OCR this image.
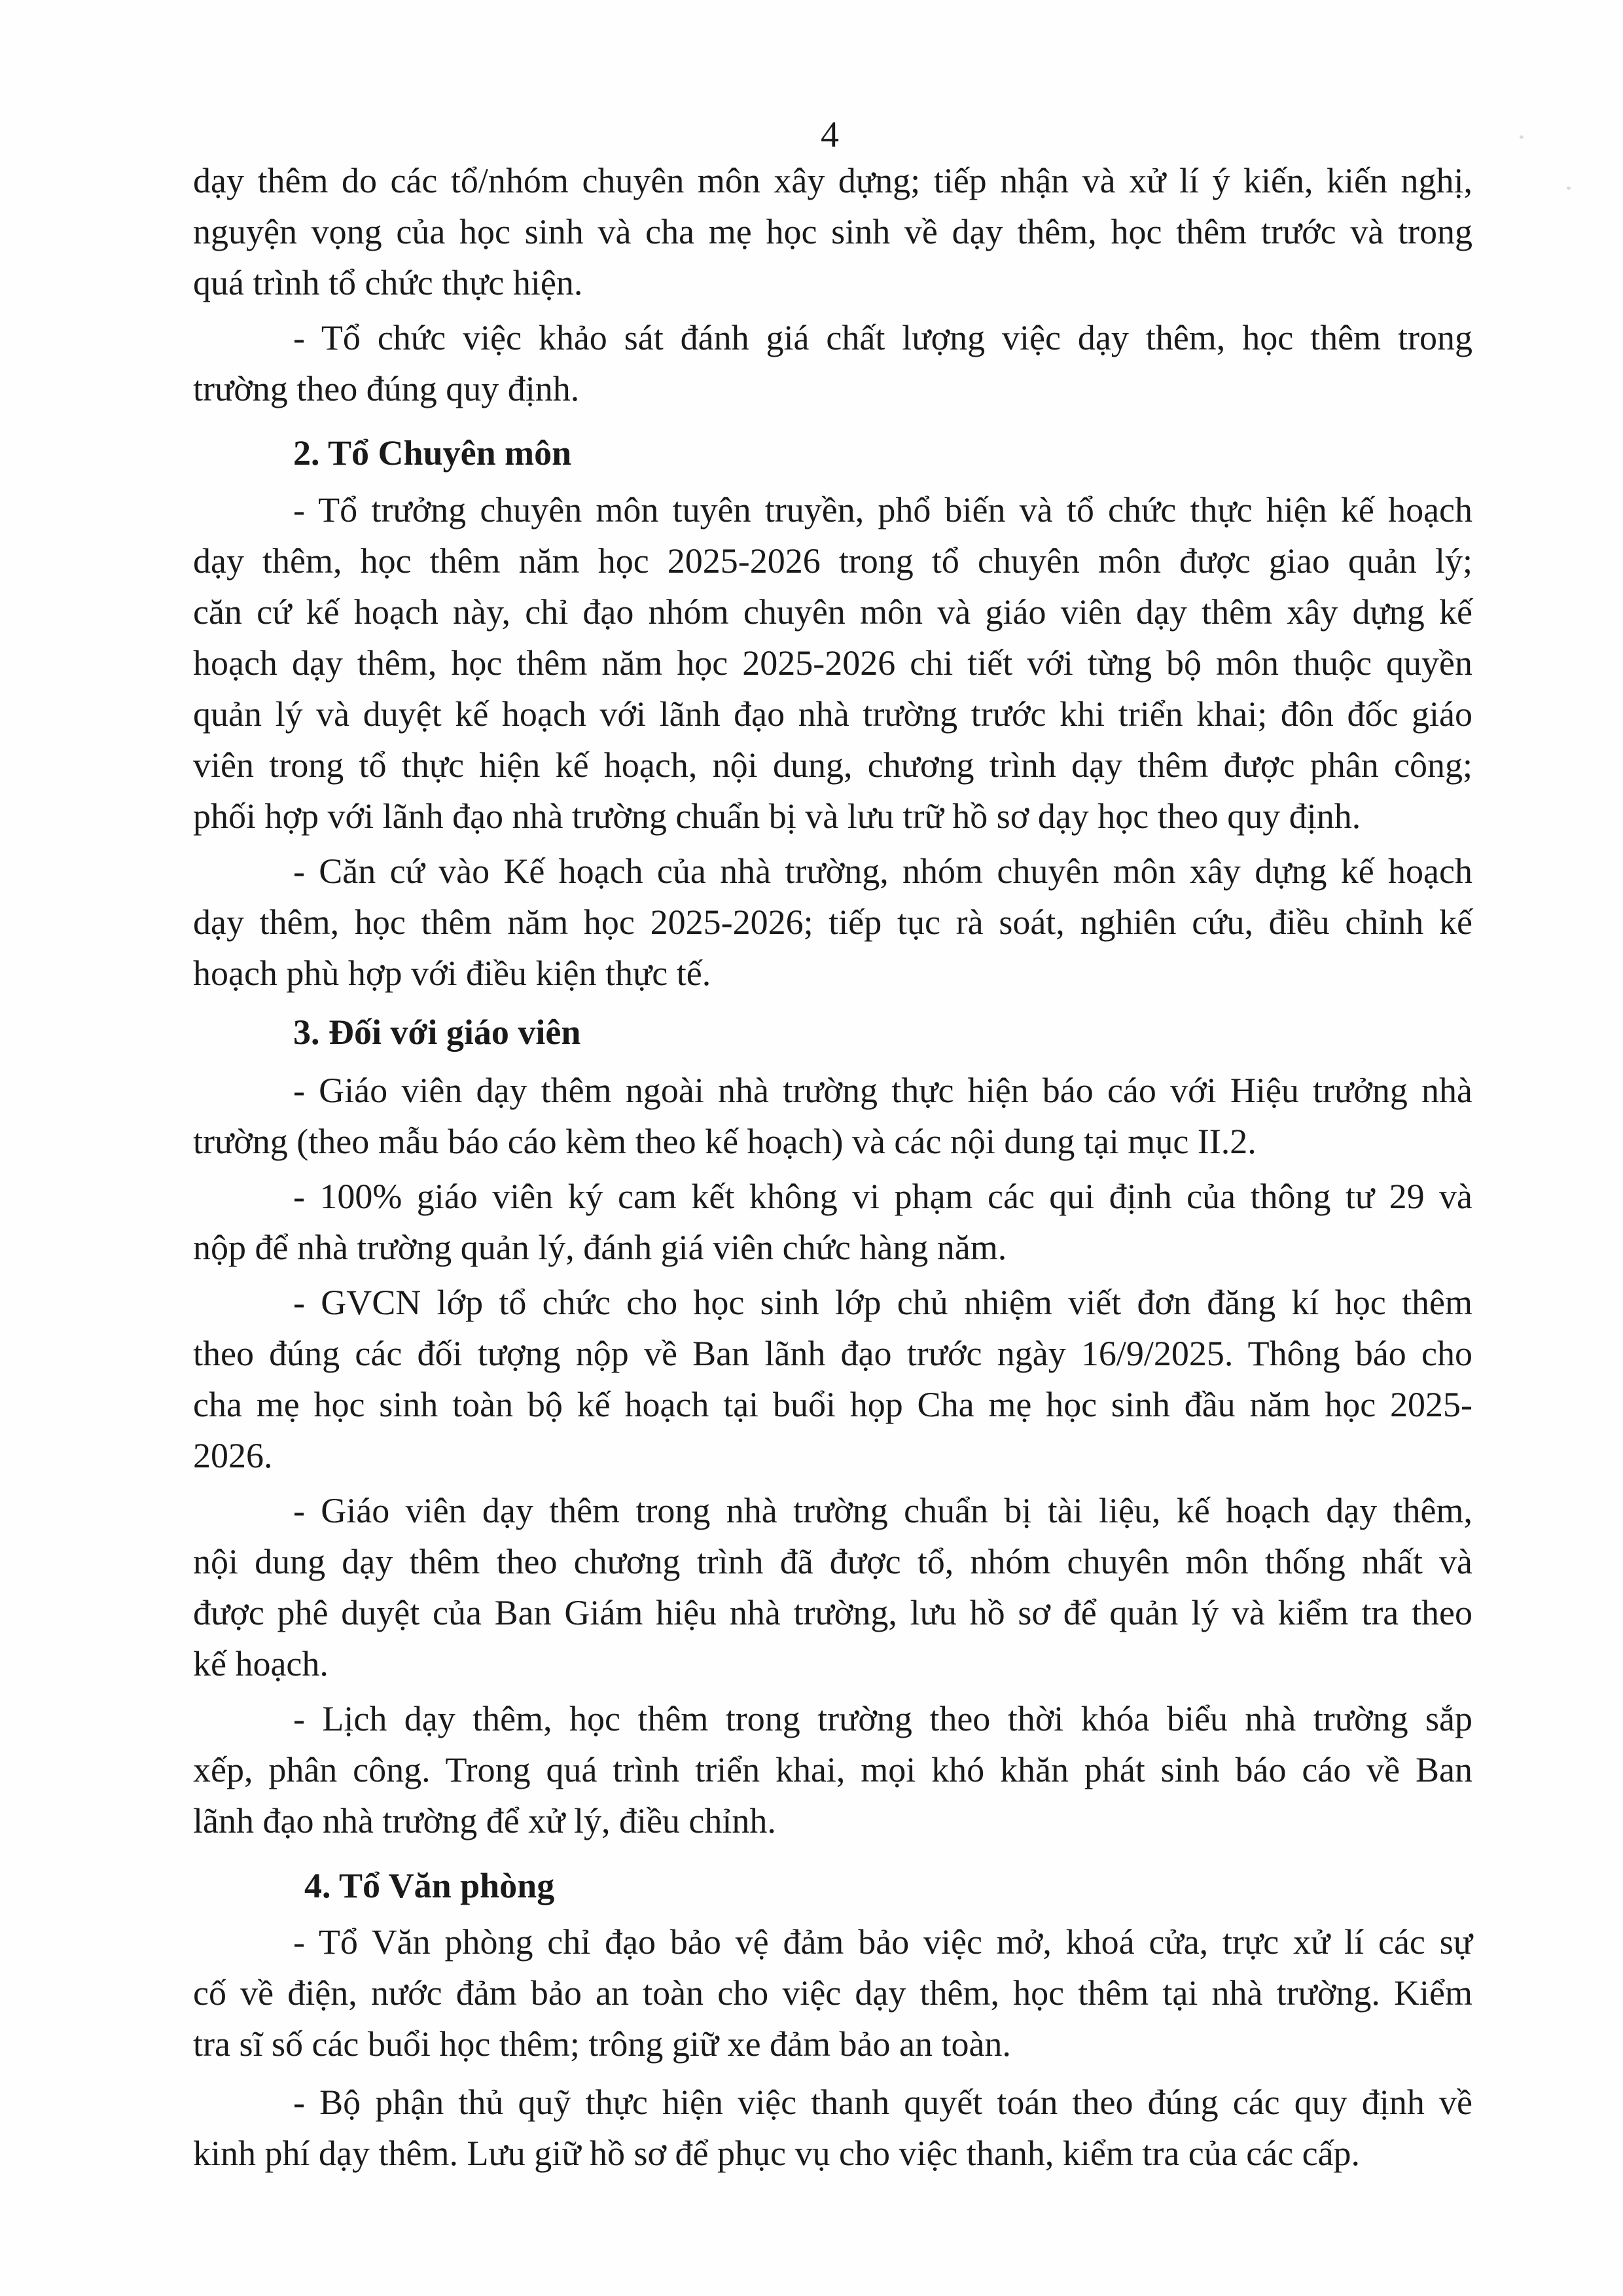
4
dạy thêm do các tổ/nhóm chuyên môn xây dựng; tiếp nhận và xử lí ý kiến, kiến nghị,
nguyện vọng của học sinh và cha mẹ học sinh về dạy thêm, học thêm trước và trong
quá trình tổ chức thực hiện.
- Tổ chức việc khảo sát đánh giá chất lượng việc dạy thêm, học thêm trong
trường theo đúng quy định.
2. Tổ Chuyên môn
- Tổ trưởng chuyên môn tuyên truyền, phổ biến và tổ chức thực hiện kế hoạch
dạy thêm, học thêm năm học 2025-2026 trong tổ chuyên môn được giao quản lý;
căn cứ kế hoạch này, chỉ đạo nhóm chuyên môn và giáo viên dạy thêm xây dựng kế
hoạch dạy thêm, học thêm năm học 2025-2026 chi tiết với từng bộ môn thuộc quyền
quản lý và duyệt kế hoạch với lãnh đạo nhà trường trước khi triển khai; đôn đốc giáo
viên trong tổ thực hiện kế hoạch, nội dung, chương trình dạy thêm được phân công;
phối hợp với lãnh đạo nhà trường chuẩn bị và lưu trữ hồ sơ dạy học theo quy định.
- Căn cứ vào Kế hoạch của nhà trường, nhóm chuyên môn xây dựng kế hoạch
dạy thêm, học thêm năm học 2025-2026; tiếp tục rà soát, nghiên cứu, điều chỉnh kế
hoạch phù hợp với điều kiện thực tế.
3. Đối với giáo viên
- Giáo viên dạy thêm ngoài nhà trường thực hiện báo cáo với Hiệu trưởng nhà
trường (theo mẫu báo cáo kèm theo kế hoạch) và các nội dung tại mục II.2.
- 100% giáo viên ký cam kết không vi phạm các qui định của thông tư 29 và
nộp để nhà trường quản lý, đánh giá viên chức hàng năm.
- GVCN lớp tổ chức cho học sinh lớp chủ nhiệm viết đơn đăng kí học thêm
theo đúng các đối tượng nộp về Ban lãnh đạo trước ngày 16/9/2025. Thông báo cho
cha mẹ học sinh toàn bộ kế hoạch tại buổi họp Cha mẹ học sinh đầu năm học 2025-
2026.
- Giáo viên dạy thêm trong nhà trường chuẩn bị tài liệu, kế hoạch dạy thêm,
nội dung dạy thêm theo chương trình đã được tổ, nhóm chuyên môn thống nhất và
được phê duyệt của Ban Giám hiệu nhà trường, lưu hồ sơ để quản lý và kiểm tra theo
kế hoạch.
- Lịch dạy thêm, học thêm trong trường theo thời khóa biểu nhà trường sắp
xếp, phân công. Trong quá trình triển khai, mọi khó khăn phát sinh báo cáo về Ban
lãnh đạo nhà trường để xử lý, điều chỉnh.
4. Tổ Văn phòng
- Tổ Văn phòng chỉ đạo bảo vệ đảm bảo việc mở, khoá cửa, trực xử lí các sự
cố về điện, nước đảm bảo an toàn cho việc dạy thêm, học thêm tại nhà trường. Kiểm
tra sĩ số các buổi học thêm; trông giữ xe đảm bảo an toàn.
- Bộ phận thủ quỹ thực hiện việc thanh quyết toán theo đúng các quy định về
kinh phí dạy thêm. Lưu giữ hồ sơ để phục vụ cho việc thanh, kiểm tra của các cấp.
